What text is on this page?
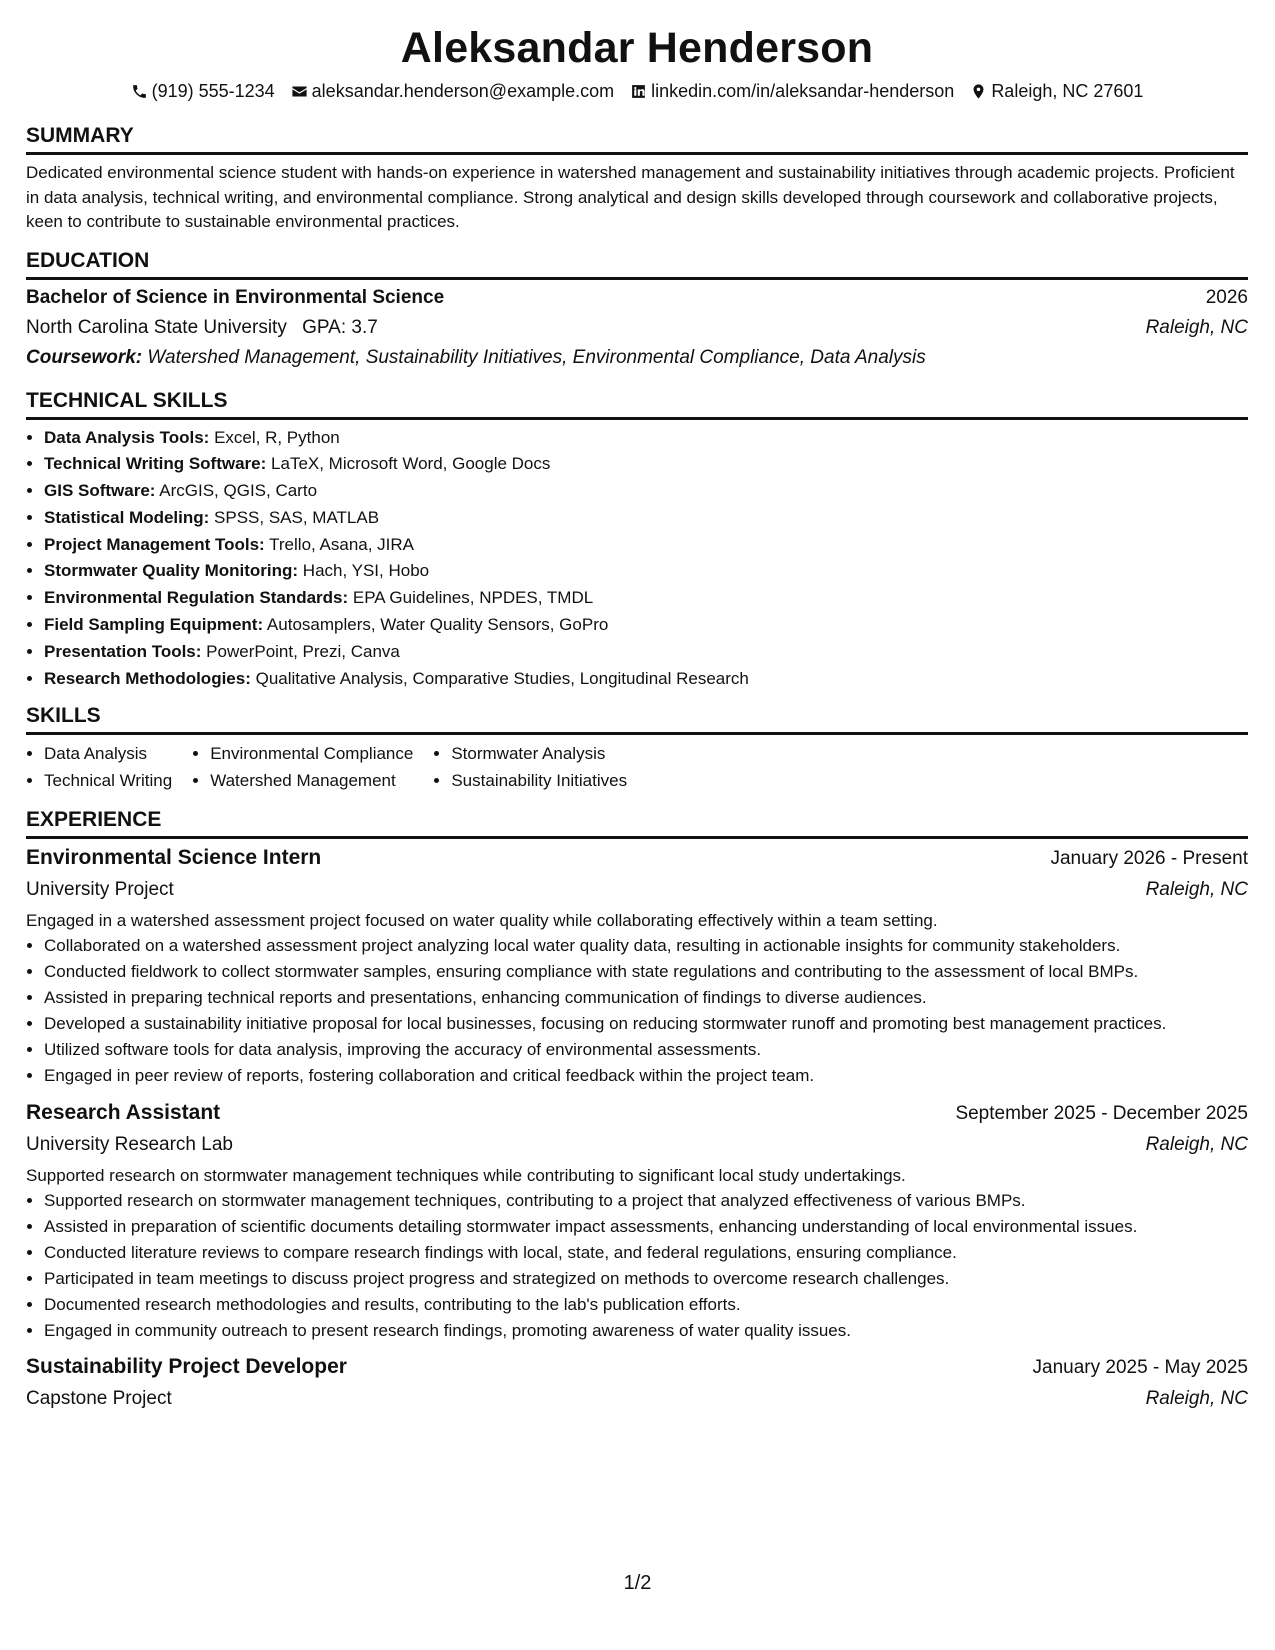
Aleksandar Henderson
(919) 555-1234 aleksandar.henderson@example.com linkedin.com/in/aleksandar-henderson Raleigh, NC 27601
SUMMARY
Dedicated environmental science student with hands-on experience in watershed management and sustainability initiatives through academic projects. Proficient in data analysis, technical writing, and environmental compliance. Strong analytical and design skills developed through coursework and collaborative projects, keen to contribute to sustainable environmental practices.
EDUCATION
Bachelor of Science in Environmental Science	2026
North Carolina State University GPA: 3.7	Raleigh, NC
Coursework: Watershed Management, Sustainability Initiatives, Environmental Compliance, Data Analysis
TECHNICAL SKILLS
• Data Analysis Tools: Excel, R, Python
• Technical Writing Software: LaTeX, Microsoft Word, Google Docs
• GIS Software: ArcGIS, QGIS, Carto
• Statistical Modeling: SPSS, SAS, MATLAB
• Project Management Tools: Trello, Asana, JIRA
• Stormwater Quality Monitoring: Hach, YSI, Hobo
• Environmental Regulation Standards: EPA Guidelines, NPDES, TMDL
• Field Sampling Equipment: Autosamplers, Water Quality Sensors, GoPro
• Presentation Tools: PowerPoint, Prezi, Canva
• Research Methodologies: Qualitative Analysis, Comparative Studies, Longitudinal Research
SKILLS
• Data Analysis
• Technical Writing
• Environmental Compliance
• Watershed Management
• Stormwater Analysis
• Sustainability Initiatives
EXPERIENCE
Environmental Science Intern	January 2026 - Present
University Project	Raleigh, NC
Engaged in a watershed assessment project focused on water quality while collaborating effectively within a team setting.
• Collaborated on a watershed assessment project analyzing local water quality data, resulting in actionable insights for community stakeholders.
• Conducted fieldwork to collect stormwater samples, ensuring compliance with state regulations and contributing to the assessment of local BMPs.
• Assisted in preparing technical reports and presentations, enhancing communication of findings to diverse audiences.
• Developed a sustainability initiative proposal for local businesses, focusing on reducing stormwater runoff and promoting best management practices.
• Utilized software tools for data analysis, improving the accuracy of environmental assessments.
• Engaged in peer review of reports, fostering collaboration and critical feedback within the project team.
Research Assistant	September 2025 - December 2025
University Research Lab	Raleigh, NC
Supported research on stormwater management techniques while contributing to significant local study undertakings.
• Supported research on stormwater management techniques, contributing to a project that analyzed effectiveness of various BMPs.
• Assisted in preparation of scientific documents detailing stormwater impact assessments, enhancing understanding of local environmental issues.
• Conducted literature reviews to compare research findings with local, state, and federal regulations, ensuring compliance.
• Participated in team meetings to discuss project progress and strategized on methods to overcome research challenges.
• Documented research methodologies and results, contributing to the lab's publication efforts.
• Engaged in community outreach to present research findings, promoting awareness of water quality issues.
Sustainability Project Developer	January 2025 - May 2025
Capstone Project	Raleigh, NC
1/2
